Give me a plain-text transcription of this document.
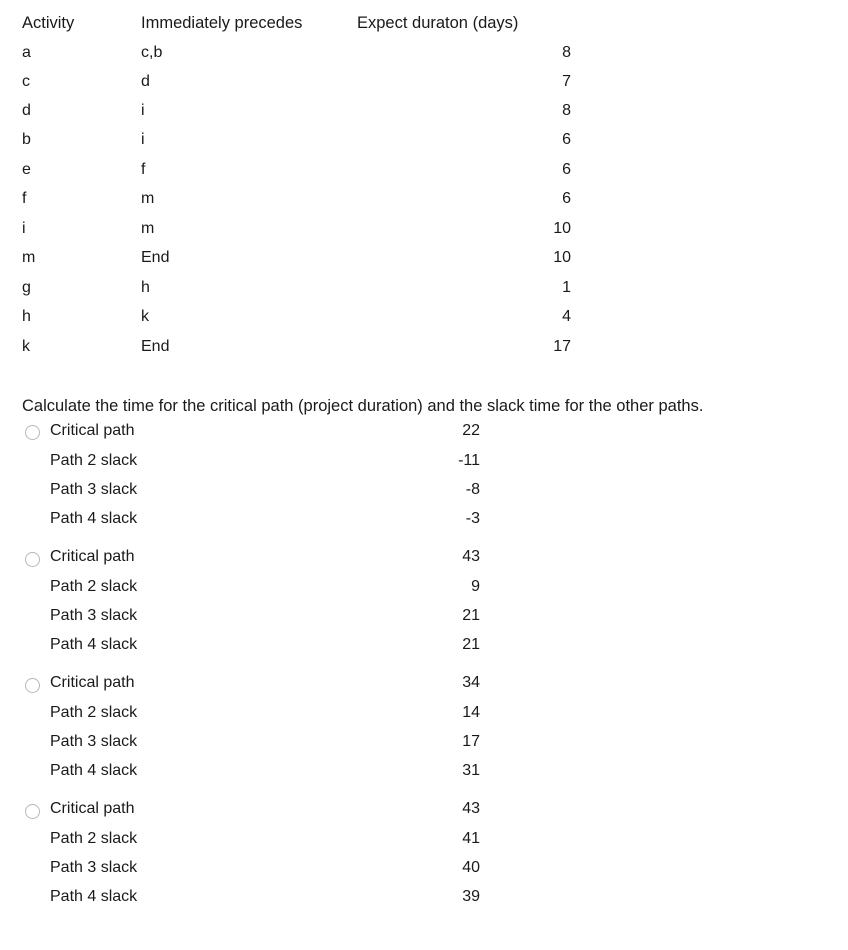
Activity	Immediately precedes	Expect duraton (days)
a	c,b	8
c	d	7
d	i	8
b	i	6
e	f	6
f	m	6
i	m	10
m	End	10
g	h	1
h	k	4
k	End	17
Calculate the time for the critical path (project duration) and the slack time for the other paths.
Critical path	22
Path 2 slack	-11
Path 3 slack	-8
Path 4 slack	-3
Critical path	43
Path 2 slack	9
Path 3 slack	21
Path 4 slack	21
Critical path	34
Path 2 slack	14
Path 3 slack	17
Path 4 slack	31
Critical path	43
Path 2 slack	41
Path 3 slack	40
Path 4 slack	39
